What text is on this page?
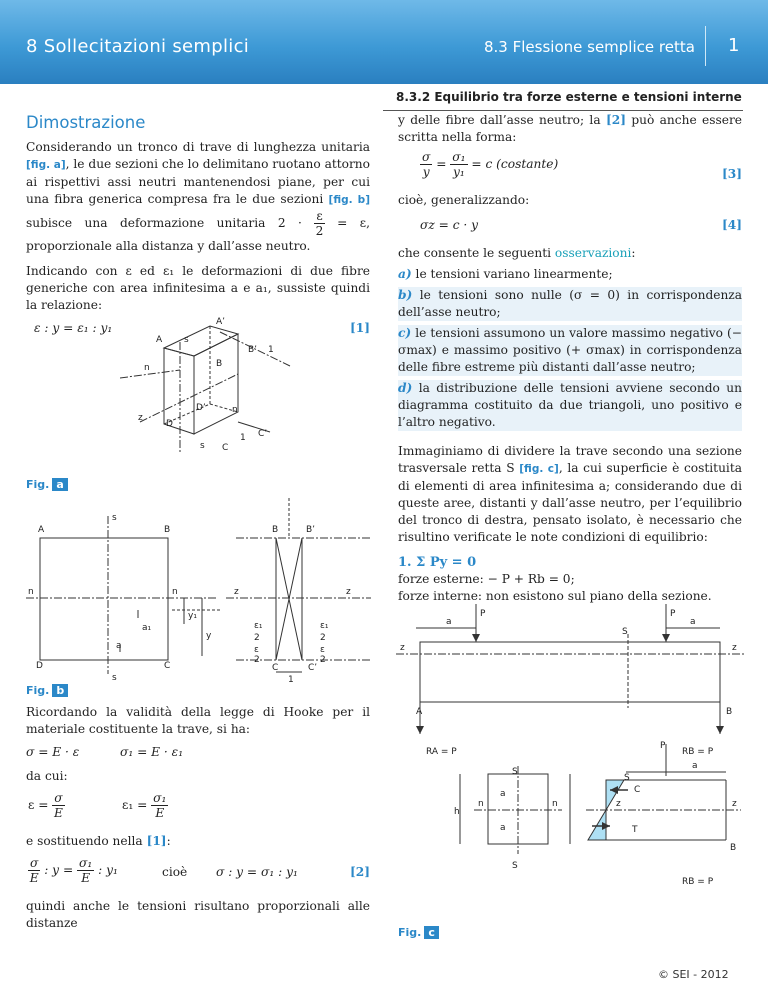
8 Sollecitazioni semplici	8.3 Flessione semplice retta 1
8.3.2 Equilibrio tra forze esterne e tensioni interne
Dimostrazione

Considerando un tronco di trave di lunghezza unitaria [fig. a], le due sezioni che lo delimitano ruotano attorno ai rispettivi assi neutri mantenendosi piane, per cui una fibra generica compresa fra le due sezioni [fig. b] subisce una deformazione unitaria $2 \cdot \frac{\varepsilon}{2} = \varepsilon$, proporzionale alla distanza y dall’asse neutro.

Indicando con ε ed ε₁ le deformazioni di due fibre generiche con area infinitesima a e a₁, sussiste quindi la relazione:

ε : y = ε₁ : y₁	[1]
A
A’
s
B’ 1
B
n
D’	n
z
D
1 C’
C
s
Fig. a
A
s
B	B	B’
n	n	z	z
a₁
a
y₁
y
ε₁
2
ε
2
ε₁
2
ε
2
D	C
s
C	C’
1
Fig. b

Ricordando la validità della legge di Hooke per il materiale costituente la trave, si ha:

σ = E · ε	σ₁ = E · ε₁
da cui:
$\varepsilon = \frac{\sigma}{E}$	$\varepsilon_1 = \frac{\text{σ₁}}{E}$
e sostituendo nella [1]:
$\frac{\sigma}{E}$ : $y = \frac{\text{σ₁}}{E}$ : y₁	cioè σ : y = σ₁ : y₁	[2]

quindi anche le tensioni risultano proporzionali alle distanze

y delle fibre dall’asse neutro; la [2] può anche essere scritta nella forma:

$\frac{\sigma}{y} = \frac{\text{σ₁}}{\text{y₁}} = c$ (costante)
[3]
cioè, generalizzando:
σz = c · y	[4]
che consente le seguenti osservazioni:

a) le tensioni variano linearmente;

b) le tensioni sono nulle (σ = 0) in corrispondenza dell’asse neutro;

c) le tensioni assumono un valore massimo negativo (− σmax) e massimo positivo (+ σmax) in corrispondenza delle fibre estreme più distanti dall’asse neutro;

d) la distribuzione delle tensioni avviene secondo un diagramma costituito da due triangoli, uno positivo e l’altro negativo.

Immaginiamo di dividere la trave secondo una sezione trasversale retta S [fig. c], la cui superficie è costituita di elementi di area infinitesima a; considerando due di queste aree, distanti y dall’asse neutro, per l’equilibrio del tronco di destra, pensato isolato, è necessario che risultino verificate le note condizioni di equilibrio:

1. Σ Py = 0
forze esterne: − P + Rb = 0;
forze interne: non esistono sul piano della sezione.
P	P
a	a
S
z	z
A	B
RA = P	RB = P
P
a
S
S
C
T
z	z
B
a
a
n	n
h
S
RB = P
Fig. c
© SEI - 2012
